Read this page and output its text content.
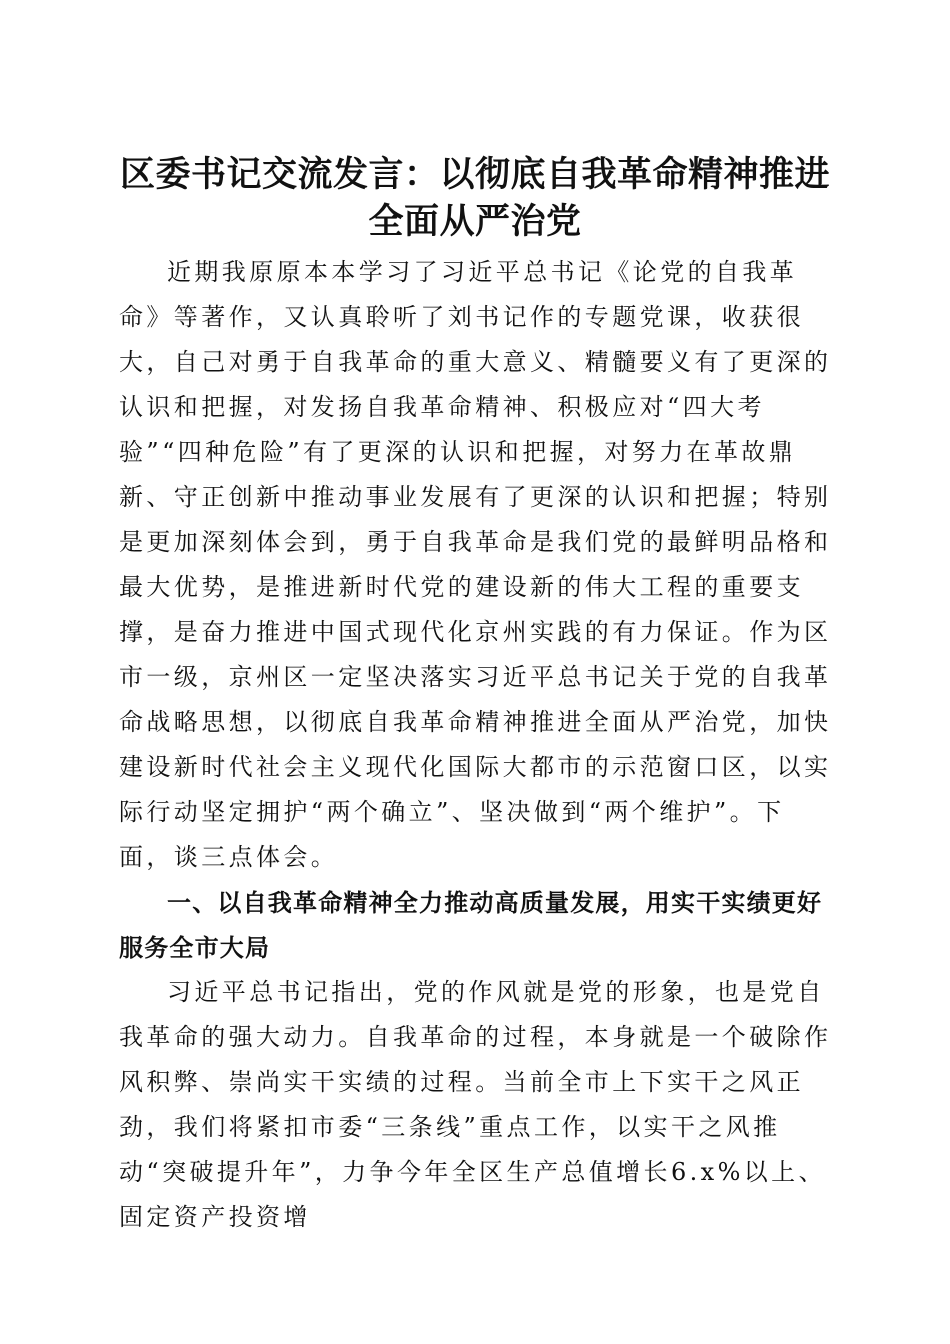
区委书记交流发言：以彻底自我革命精神推进
全面从严治党

近期我原原本本学习了习近平总书记《论党的自我革命》等著作，又认真聆听了刘书记作的专题党课，收获很大，自己对勇于自我革命的重大意义、精髓要义有了更深的认识和把握，对发扬自我革命精神、积极应对“四大考验”“四种危险”有了更深的认识和把握，对努力在革故鼎新、守正创新中推动事业发展有了更深的认识和把握；特别是更加深刻体会到，勇于自我革命是我们党的最鲜明品格和最大优势，是推进新时代党的建设新的伟大工程的重要支撑，是奋力推进中国式现代化京州实践的有力保证。作为区市一级，京州区一定坚决落实习近平总书记关于党的自我革命战略思想，以彻底自我革命精神推进全面从严治党，加快建设新时代社会主义现代化国际大都市的示范窗口区，以实际行动坚定拥护“两个确立”、坚决做到“两个维护”。下面，谈三点体会。

一、以自我革命精神全力推动高质量发展，用实干实绩更好服务全市大局

习近平总书记指出，党的作风就是党的形象，也是党自我革命的强大动力。自我革命的过程，本身就是一个破除作风积弊、崇尚实干实绩的过程。当前全市上下实干之风正劲，我们将紧扣市委“三条线”重点工作，以实干之风推动“突破提升年”，力争今年全区生产总值增长6.x%以上、固定资产投资增
